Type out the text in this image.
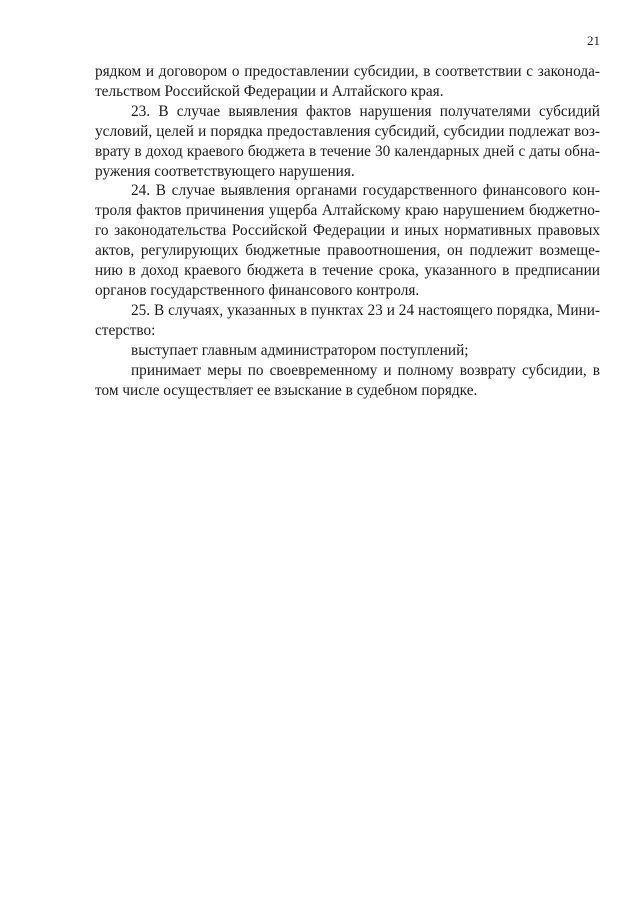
21
рядком и договором о предоставлении субсидии, в соответствии с законода-
тельством Российской Федерации и Алтайского края.
23. В случае выявления фактов нарушения получателями субсидий
условий, целей и порядка предоставления субсидий, субсидии подлежат воз-
врату в доход краевого бюджета в течение 30 календарных дней с даты обна-
ружения соответствующего нарушения.
24. В случае выявления органами государственного финансового кон-
троля фактов причинения ущерба Алтайскому краю нарушением бюджетно-
го законодательства Российской Федерации и иных нормативных правовых
актов, регулирующих бюджетные правоотношения, он подлежит возмеще-
нию в доход краевого бюджета в течение срока, указанного в предписании
органов государственного финансового контроля.
25. В случаях, указанных в пунктах 23 и 24 настоящего порядка, Мини-
стерство:
выступает главным администратором поступлений;
принимает меры по своевременному и полному возврату субсидии, в
том числе осуществляет ее взыскание в судебном порядке.
